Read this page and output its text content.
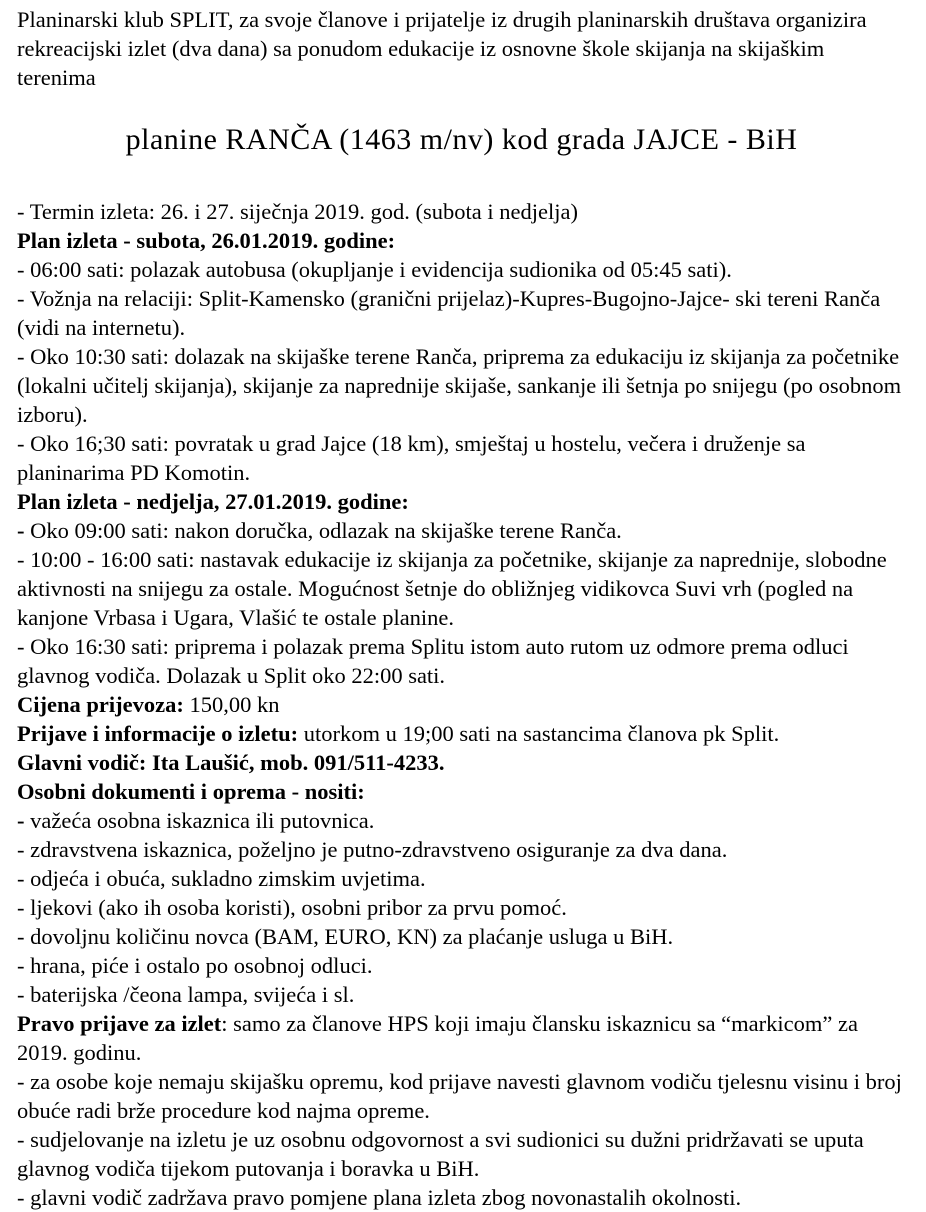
Planinarski klub SPLIT, za svoje članove i prijatelje iz drugih planinarskih društava organizira rekreacijski izlet (dva dana) sa ponudom edukacije iz osnovne škole skijanja na skijaškim terenima

planine RANČA (1463 m/nv) kod grada JAJCE - BiH

- Termin izleta: 26. i 27. siječnja 2019. god. (subota i nedjelja)

Plan izleta - subota, 26.01.2019. godine:

- 06:00 sati: polazak autobusa (okupljanje i evidencija sudionika od 05:45 sati).

- Vožnja na relaciji: Split-Kamensko (granični prijelaz)-Kupres-Bugojno-Jajce- ski tereni Ranča (vidi na internetu).

- Oko 10:30 sati: dolazak na skijaške terene Ranča, priprema za edukaciju iz skijanja za početnike (lokalni učitelj skijanja), skijanje za naprednije skijaše, sankanje ili šetnja po snijegu (po osobnom izboru).

- Oko 16;30 sati: povratak u grad Jajce (18 km), smještaj u hostelu, večera i druženje sa planinarima PD Komotin.

Plan izleta - nedjelja, 27.01.2019. godine:

- Oko 09:00 sati: nakon doručka, odlazak na skijaške terene Ranča.

- 10:00 - 16:00 sati: nastavak edukacije iz skijanja za početnike, skijanje za naprednije, slobodne aktivnosti na snijegu za ostale. Mogućnost šetnje do obližnjeg vidikovca Suvi vrh (pogled na kanjone Vrbasa i Ugara, Vlašić te ostale planine.

- Oko 16:30 sati: priprema i polazak prema Splitu istom auto rutom uz odmore prema odluci glavnog vodiča. Dolazak u Split oko 22:00 sati.

Cijena prijevoza: 150,00 kn

Prijave i informacije o izletu: utorkom u 19;00 sati na sastancima članova pk Split.

Glavni vodič: Ita Laušić, mob. 091/511-4233.

Osobni dokumenti i oprema - nositi:

- važeća osobna iskaznica ili putovnica.

- zdravstvena iskaznica, poželjno je putno-zdravstveno osiguranje za dva dana.

- odjeća i obuća, sukladno zimskim uvjetima.

- ljekovi (ako ih osoba koristi), osobni pribor za prvu pomoć.

- dovoljnu količinu novca (BAM, EURO, KN) za plaćanje usluga u BiH.

- hrana, piće i ostalo po osobnoj odluci.

- baterijska /čeona lampa, svijeća i sl.

Pravo prijave za izlet: samo za članove HPS koji imaju člansku iskaznicu sa “markicom” za 2019. godinu.

- za osobe koje nemaju skijašku opremu, kod prijave navesti glavnom vodiču tjelesnu visinu i broj obuće radi brže procedure kod najma opreme.

- sudjelovanje na izletu je uz osobnu odgovornost a svi sudionici su dužni pridržavati se uputa glavnog vodiča tijekom putovanja i boravka u BiH.

- glavni vodič zadržava pravo pomjene plana izleta zbog novonastalih okolnosti.
